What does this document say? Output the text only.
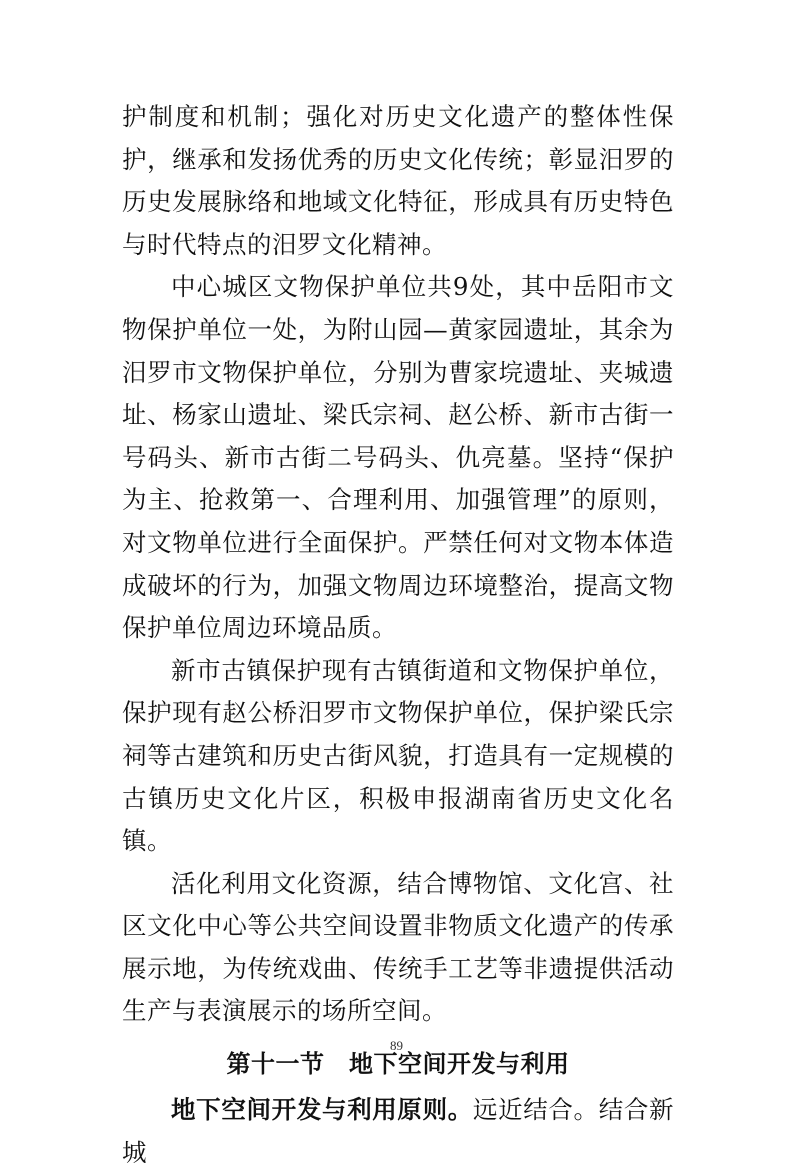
护制度和机制；强化对历史文化遗产的整体性保护，继承和发扬优秀的历史文化传统；彰显汨罗的历史发展脉络和地域文化特征，形成具有历史特色与时代特点的汨罗文化精神。

中心城区文物保护单位共9处，其中岳阳市文物保护单位一处，为附山园—黄家园遗址，其余为汨罗市文物保护单位，分别为曹家垸遗址、夹城遗址、杨家山遗址、梁氏宗祠、赵公桥、新市古街一号码头、新市古街二号码头、仇亮墓。坚持“保护为主、抢救第一、合理利用、加强管理”的原则，对文物单位进行全面保护。严禁任何对文物本体造成破坏的行为，加强文物周边环境整治，提高文物保护单位周边环境品质。

新市古镇保护现有古镇街道和文物保护单位，保护现有赵公桥汨罗市文物保护单位，保护梁氏宗祠等古建筑和历史古街风貌，打造具有一定规模的古镇历史文化片区，积极申报湖南省历史文化名镇。

活化利用文化资源，结合博物馆、文化宫、社区文化中心等公共空间设置非物质文化遗产的传承展示地，为传统戏曲、传统手工艺等非遗提供活动生产与表演展示的场所空间。

第十一节　地下空间开发与利用

地下空间开发与利用原则。远近结合。结合新城

89
